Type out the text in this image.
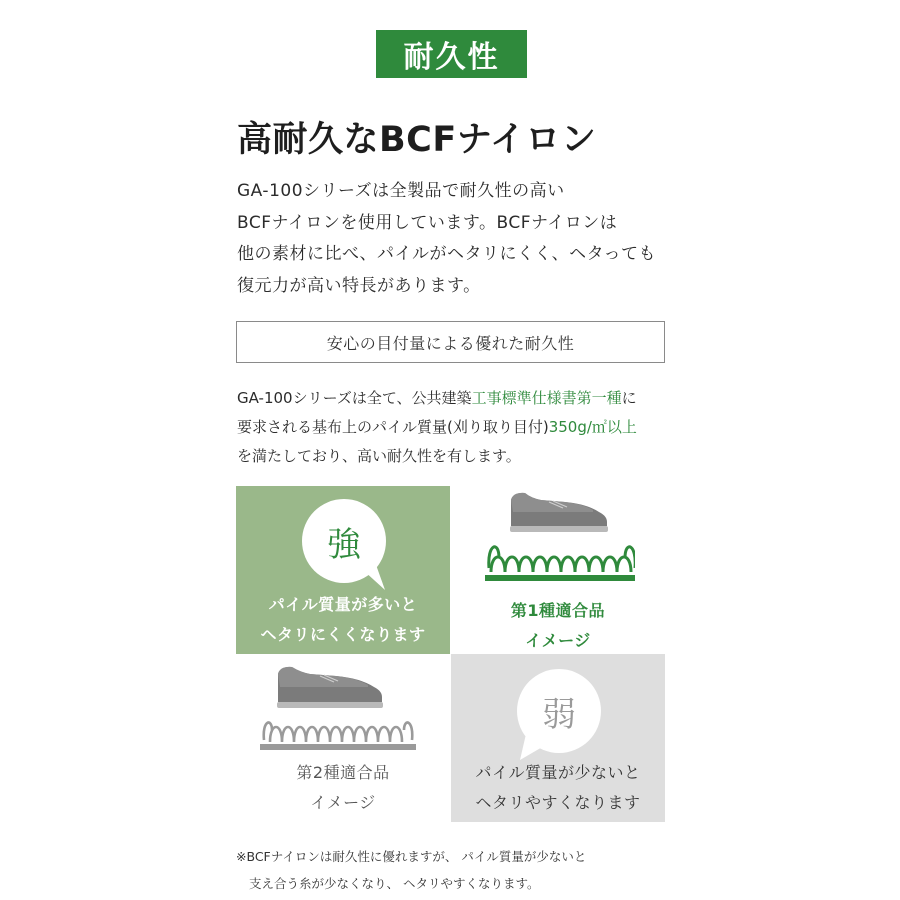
耐久性
高耐久なBCFナイロン
GA-100シリーズは全製品で耐久性の高い
BCFナイロンを使用しています。BCFナイロンは
他の素材に比べ、パイルがヘタリにくく、ヘタっても
復元力が高い特長があります。
安心の目付量による優れた耐久性
GA-100シリーズは全て、公共建築工事標準仕様書第一種に
要求される基布上のパイル質量(刈り取り目付)350g/㎡以上
を満たしており、高い耐久性を有します。
強
パイル質量が多いと
ヘタリにくくなります
第1種適合品
イメージ
第2種適合品
イメージ
弱
パイル質量が少ないと
ヘタリやすくなります
※BCFナイロンは耐久性に優れますが、 パイル質量が少ないと
支え合う糸が少なくなり、 ヘタリやすくなります。
